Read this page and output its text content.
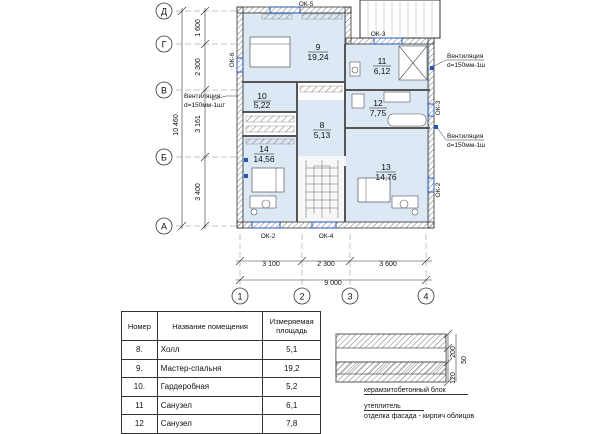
Д
Г
В
Б
А
1	2	3	4
1 600
2 300
3 161
3 400
10 460
3 100	2 300	3 600
9 000
ОК-5
ОК-3
ОК-6
ОК-3
ОК-2
ОК-2	ОК-4
9
19,24	11
6,12
10
5,22	12
7,75
8
5,13
14
14,56
13
14,76
Вентиляция
d=150мм-1ш
Вентиляция
d=150мм-1шт
Вентиляция
d=150мм-1ш
200
50
120
Номер	Название помещения	Измеряемая площадь
8.	Холл	5,1
9.	Мастер-спальня	19,2
10.	Гардеробная	5,2
11	Санузел	6,1
12	Санузел	7,8
керамзитобетонный блок
утеплитель
отделка фасада - кирпич облицов
